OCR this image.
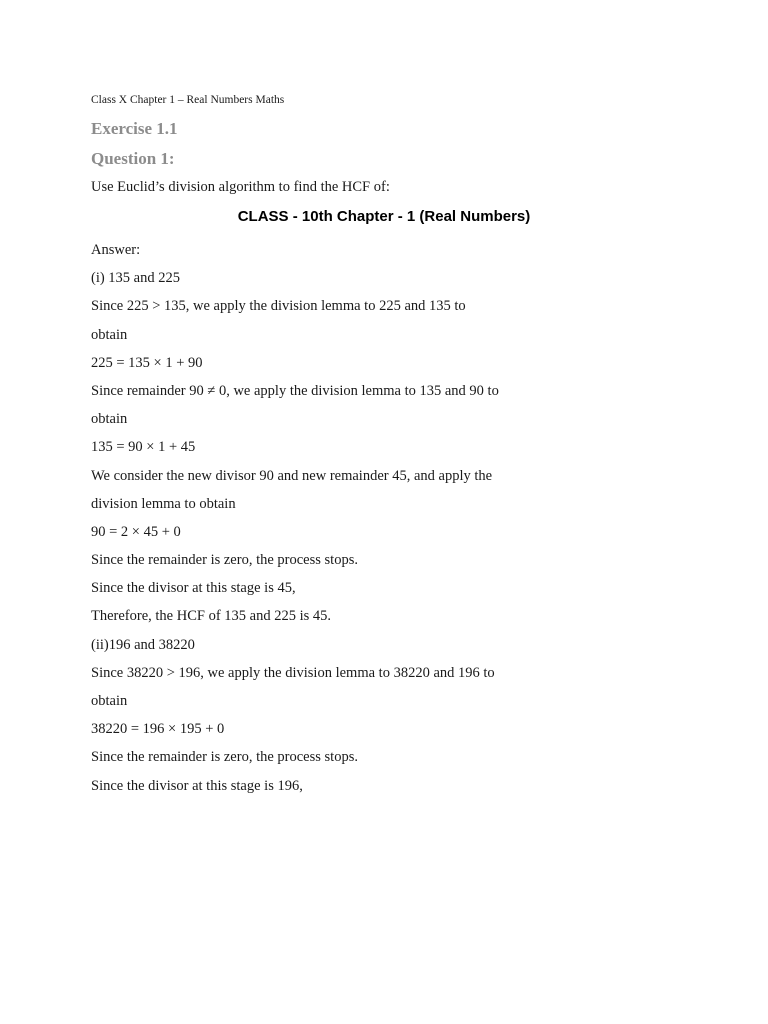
Class X Chapter 1 – Real Numbers Maths
Exercise 1.1
Question 1:
Use Euclid’s division algorithm to find the HCF of:
CLASS - 10th Chapter - 1 (Real Numbers)
Answer:
(i) 135 and 225
Since 225 > 135, we apply the division lemma to 225 and 135 to
obtain
225 = 135 × 1 + 90
Since remainder 90 ≠ 0, we apply the division lemma to 135 and 90 to
obtain
135 = 90 × 1 + 45
We consider the new divisor 90 and new remainder 45, and apply the
division lemma to obtain
90 = 2 × 45 + 0
Since the remainder is zero, the process stops.
Since the divisor at this stage is 45,
Therefore, the HCF of 135 and 225 is 45.
(ii)196 and 38220
Since 38220 > 196, we apply the division lemma to 38220 and 196 to
obtain
38220 = 196 × 195 + 0
Since the remainder is zero, the process stops.
Since the divisor at this stage is 196,
